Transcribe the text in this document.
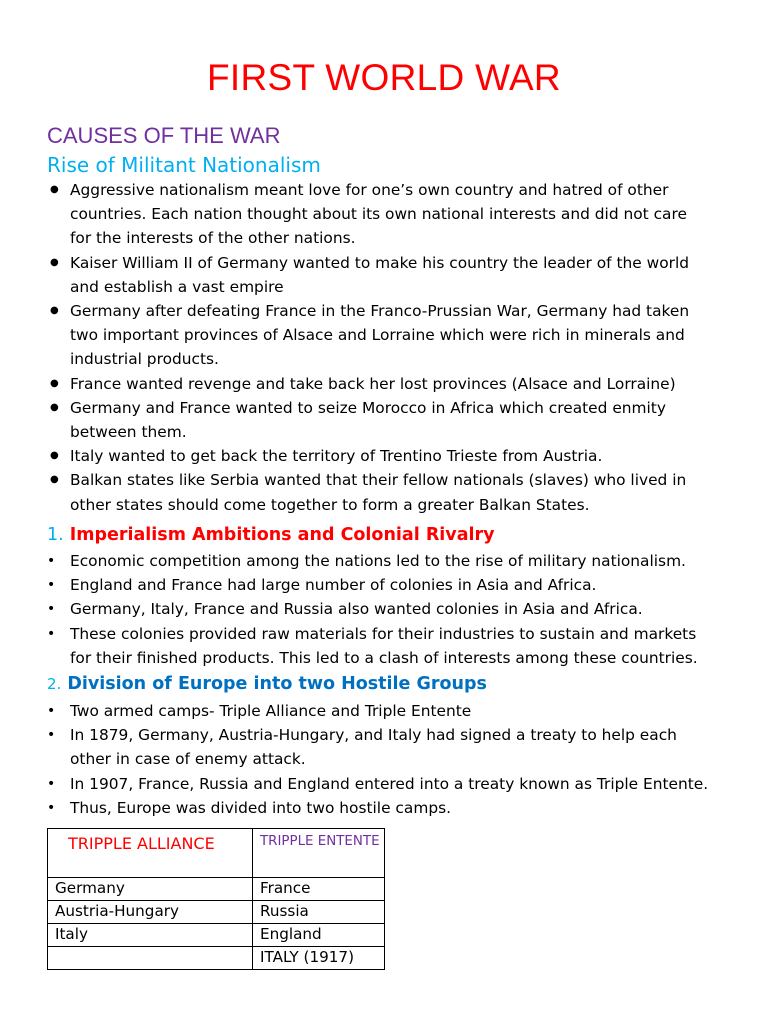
FIRST WORLD WAR
CAUSES OF THE WAR
Rise of Militant Nationalism
● Aggressive nationalism meant love for one’s own country and hatred of other
countries. Each nation thought about its own national interests and did not care
for the interests of the other nations.
● Kaiser William II of Germany wanted to make his country the leader of the world
and establish a vast empire
● Germany after defeating France in the Franco-Prussian War, Germany had taken
two important provinces of Alsace and Lorraine which were rich in minerals and
industrial products.
● France wanted revenge and take back her lost provinces (Alsace and Lorraine)
● Germany and France wanted to seize Morocco in Africa which created enmity
between them.
● Italy wanted to get back the territory of Trentino Trieste from Austria.
● Balkan states like Serbia wanted that their fellow nationals (slaves) who lived in
other states should come together to form a greater Balkan States.
1. Imperialism Ambitions and Colonial Rivalry
• Economic competition among the nations led to the rise of military nationalism.
• England and France had large number of colonies in Asia and Africa.
• Germany, Italy, France and Russia also wanted colonies in Asia and Africa.
• These colonies provided raw materials for their industries to sustain and markets
for their finished products. This led to a clash of interests among these countries.
2. Division of Europe into two Hostile Groups
• Two armed camps- Triple Alliance and Triple Entente
• In 1879, Germany, Austria-Hungary, and Italy had signed a treaty to help each
other in case of enemy attack.
• In 1907, France, Russia and England entered into a treaty known as Triple Entente.
• Thus, Europe was divided into two hostile camps.
TRIPPLE ALLIANCE	TRIPPLE ENTENTE
Germany	France
Austria-Hungary	Russia
Italy	England
	ITALY (1917)
